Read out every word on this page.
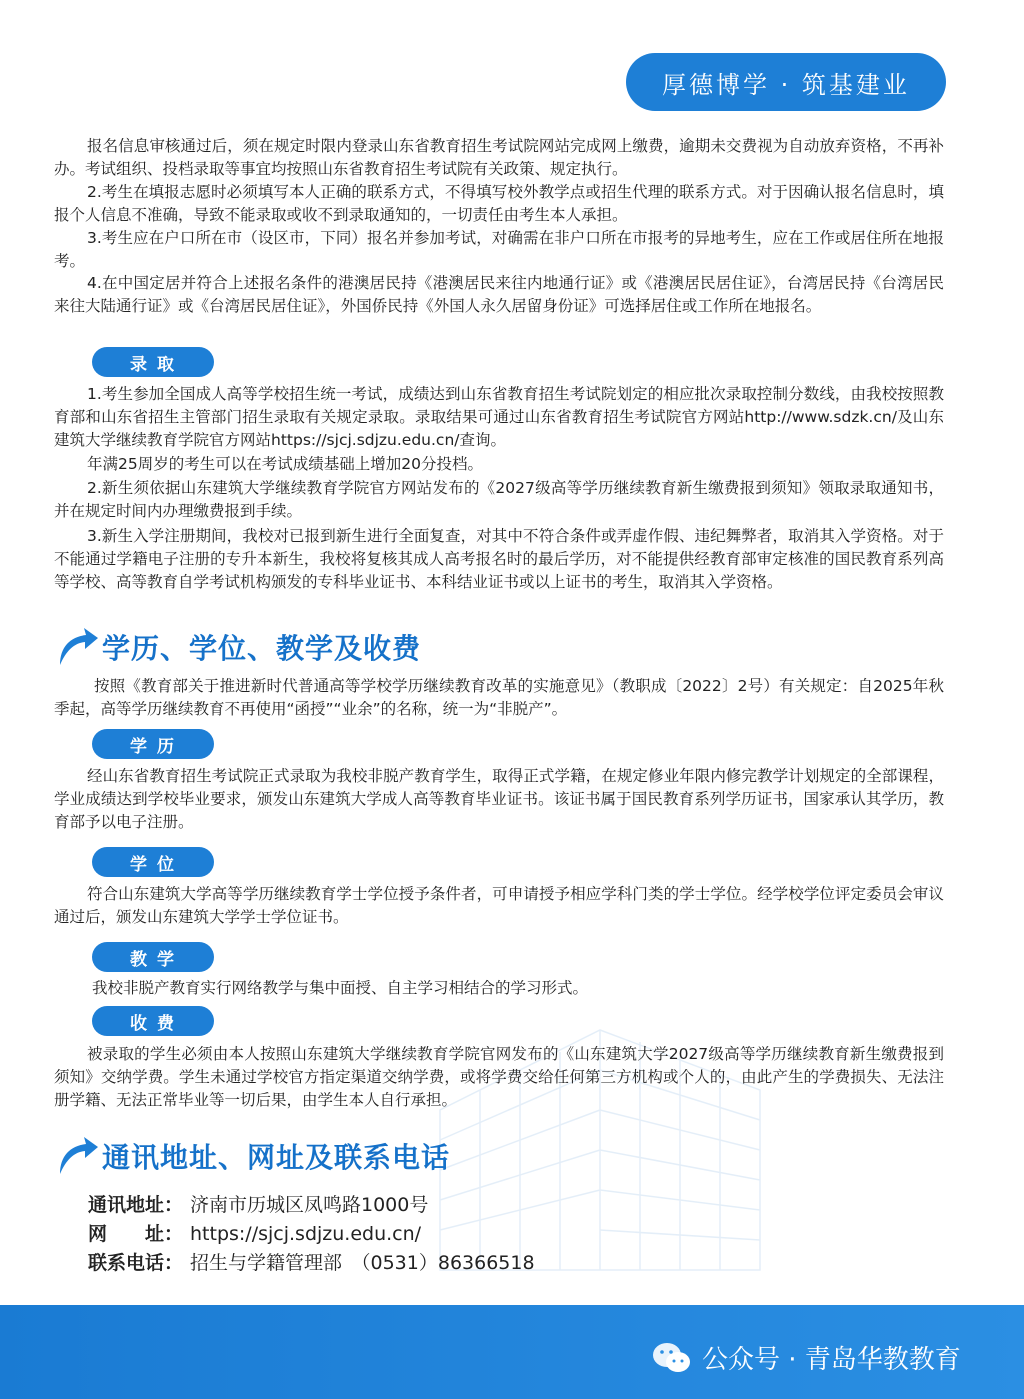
厚德博学 · 筑基建业

报名信息审核通过后，须在规定时限内登录山东省教育招生考试院网站完成网上缴费，逾期未交费视为自动放弃资格，不再补办。考试组织、投档录取等事宜均按照山东省教育招生考试院有关政策、规定执行。

2.考生在填报志愿时必须填写本人正确的联系方式，不得填写校外教学点或招生代理的联系方式。对于因确认报名信息时，填报个人信息不准确，导致不能录取或收不到录取通知的，一切责任由考生本人承担。

3.考生应在户口所在市（设区市，下同）报名并参加考试，对确需在非户口所在市报考的异地考生，应在工作或居住所在地报考。

4.在中国定居并符合上述报名条件的港澳居民持《港澳居民来往内地通行证》或《港澳居民居住证》，台湾居民持《台湾居民来往大陆通行证》或《台湾居民居住证》，外国侨民持《外国人永久居留身份证》可选择居住或工作所在地报名。

录取

1.考生参加全国成人高等学校招生统一考试，成绩达到山东省教育招生考试院划定的相应批次录取控制分数线，由我校按照教育部和山东省招生主管部门招生录取有关规定录取。录取结果可通过山东省教育招生考试院官方网站http://www.sdzk.cn/及山东建筑大学继续教育学院官方网站https://sjcj.sdjzu.edu.cn/查询。

年满25周岁的考生可以在考试成绩基础上增加20分投档。

2.新生须依据山东建筑大学继续教育学院官方网站发布的《2027级高等学历继续教育新生缴费报到须知》领取录取通知书，并在规定时间内办理缴费报到手续。

3.新生入学注册期间，我校对已报到新生进行全面复查，对其中不符合条件或弄虚作假、违纪舞弊者，取消其入学资格。对于不能通过学籍电子注册的专升本新生，我校将复核其成人高考报名时的最后学历，对不能提供经教育部审定核准的国民教育系列高等学校、高等教育自学考试机构颁发的专科毕业证书、本科结业证书或以上证书的考生，取消其入学资格。

学历、学位、教学及收费

按照《教育部关于推进新时代普通高等学校学历继续教育改革的实施意见》（教职成〔2022〕2号）有关规定：自2025年秋季起，高等学历继续教育不再使用“函授”“业余”的名称，统一为“非脱产”。

学历

经山东省教育招生考试院正式录取为我校非脱产教育学生，取得正式学籍，在规定修业年限内修完教学计划规定的全部课程，学业成绩达到学校毕业要求，颁发山东建筑大学成人高等教育毕业证书。该证书属于国民教育系列学历证书，国家承认其学历，教育部予以电子注册。

学位

符合山东建筑大学高等学历继续教育学士学位授予条件者，可申请授予相应学科门类的学士学位。经学校学位评定委员会审议通过后，颁发山东建筑大学学士学位证书。

教学

我校非脱产教育实行网络教学与集中面授、自主学习相结合的学习形式。

收费

被录取的学生必须由本人按照山东建筑大学继续教育学院官网发布的《山东建筑大学2027级高等学历继续教育新生缴费报到须知》交纳学费。学生未通过学校官方指定渠道交纳学费，或将学费交给任何第三方机构或个人的，由此产生的学费损失、无法注册学籍、无法正常毕业等一切后果，由学生本人自行承担。

通讯地址、网址及联系电话
通讯地址： 济南市历城区凤鸣路1000号
网　　址： https://sjcj.sdjzu.edu.cn/
联系电话： 招生与学籍管理部　（0531）86366518
公众号 · 青岛华教教育
